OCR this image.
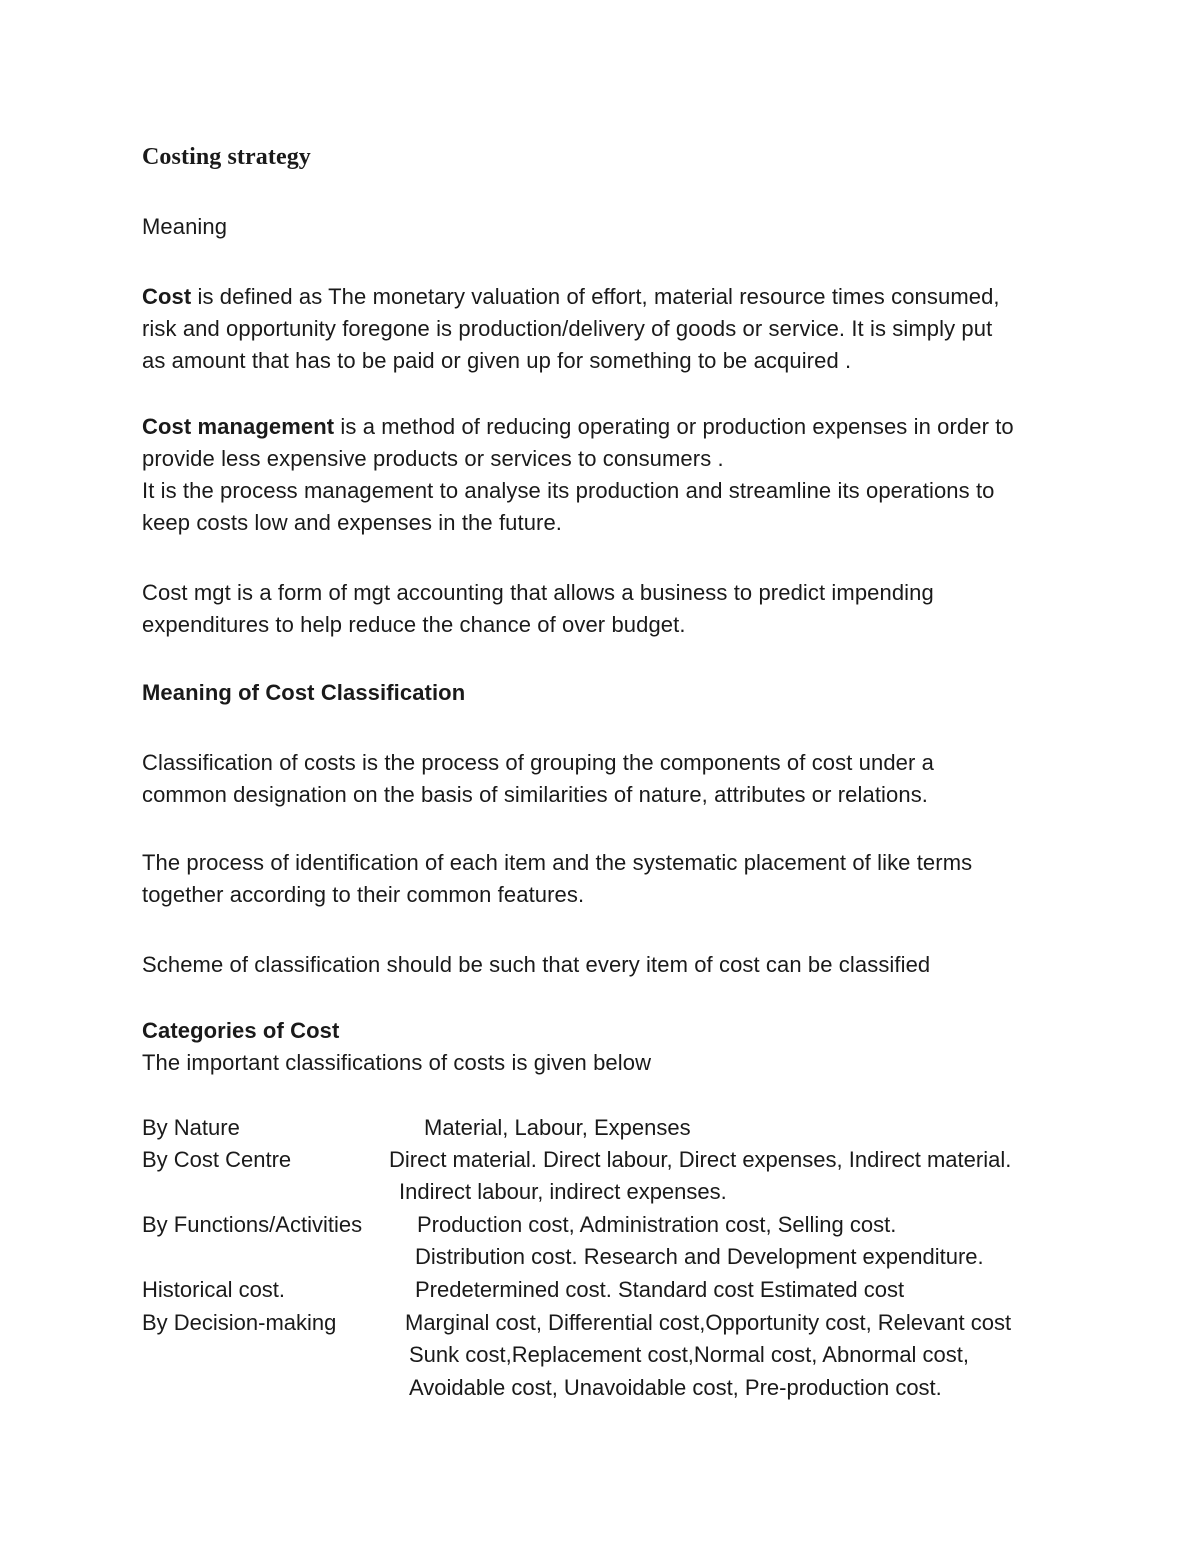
Costing strategy
Meaning
Cost is defined as The monetary valuation of effort, material resource times consumed,
risk and opportunity foregone is production/delivery of goods or service. It is simply put
as amount that has to be paid or given up for something to be acquired .
Cost management is a method of reducing operating or production expenses in order to
provide less expensive products or services to consumers .
It is the process management to analyse its production and streamline its operations to
keep costs low and expenses in the future.
Cost mgt is a form of mgt accounting that allows a business to predict impending
expenditures to help reduce the chance of over budget.
Meaning of Cost Classification
Classification of costs is the process of grouping the components of cost under a
common designation on the basis of similarities of nature, attributes or relations.
The process of identification of each item and the systematic placement of like terms
together according to their common features.
Scheme of classification should be such that every item of cost can be classified
Categories of Cost
The important classifications of costs is given below
By Nature	Material, Labour, Expenses
By Cost Centre	Direct material. Direct labour, Direct expenses, Indirect material.
Indirect labour, indirect expenses.
By Functions/Activities Production cost, Administration cost, Selling cost.
Distribution cost. Research and Development expenditure.
Historical cost.	Predetermined cost. Standard cost Estimated cost
By Decision-making	Marginal cost, Differential cost,Opportunity cost, Relevant cost
Sunk cost,Replacement cost,Normal cost, Abnormal cost,
Avoidable cost, Unavoidable cost, Pre-production cost.
